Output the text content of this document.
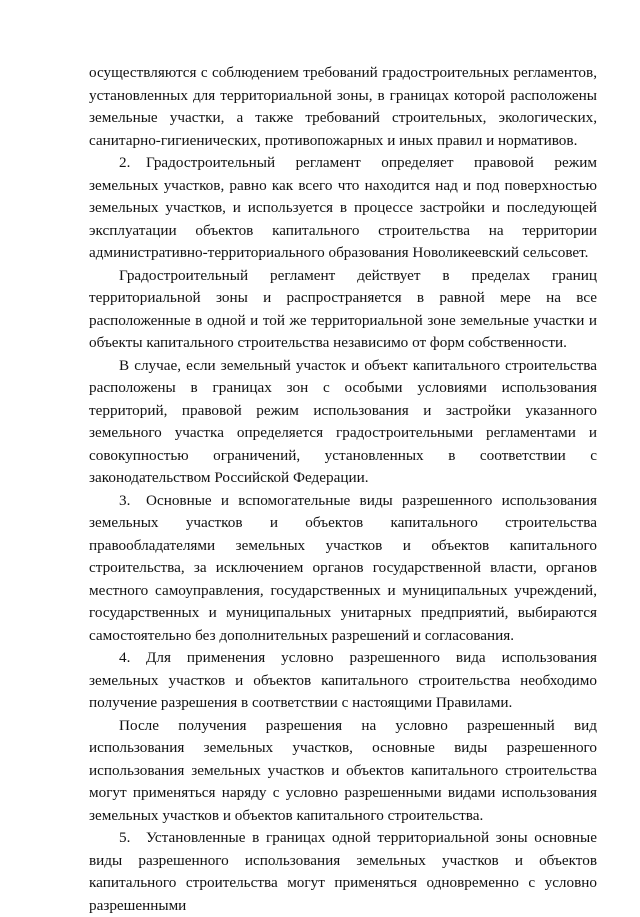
осуществляются с соблюдением требований градостроительных регламентов, установленных для территориальной зоны, в границах которой расположены земельные участки, а также требований строительных, экологических, санитарно-гигиенических, противопожарных и иных правил и нормативов.

2. Градостроительный регламент определяет правовой режим земельных участков, равно как всего что находится над и под поверхностью земельных участков, и используется в процессе застройки и последующей эксплуатации объектов капитального строительства на территории административно-территориального образования Новоликеевский сельсовет.

Градостроительный регламент действует в пределах границ территориальной зоны и распространяется в равной мере на все расположенные в одной и той же территориальной зоне земельные участки и объекты капитального строительства независимо от форм собственности.

В случае, если земельный участок и объект капитального строительства расположены в границах зон с особыми условиями использования территорий, правовой режим использования и застройки указанного земельного участка определяется градостроительными регламентами и совокупностью ограничений, установленных в соответствии с законодательством Российской Федерации.

3. Основные и вспомогательные виды разрешенного использования земельных участков и объектов капитального строительства правообладателями земельных участков и объектов капитального строительства, за исключением органов государственной власти, органов местного самоуправления, государственных и муниципальных учреждений, государственных и муниципальных унитарных предприятий, выбираются самостоятельно без дополнительных разрешений и согласования.

4. Для применения условно разрешенного вида использования земельных участков и объектов капитального строительства необходимо получение разрешения в соответствии с настоящими Правилами.

После получения разрешения на условно разрешенный вид использования земельных участков, основные виды разрешенного использования земельных участков и объектов капитального строительства могут применяться наряду с условно разрешенными видами использования земельных участков и объектов капитального строительства.

5. Установленные в границах одной территориальной зоны основные виды разрешенного использования земельных участков и объектов капитального строительства могут применяться одновременно с условно разрешенными
